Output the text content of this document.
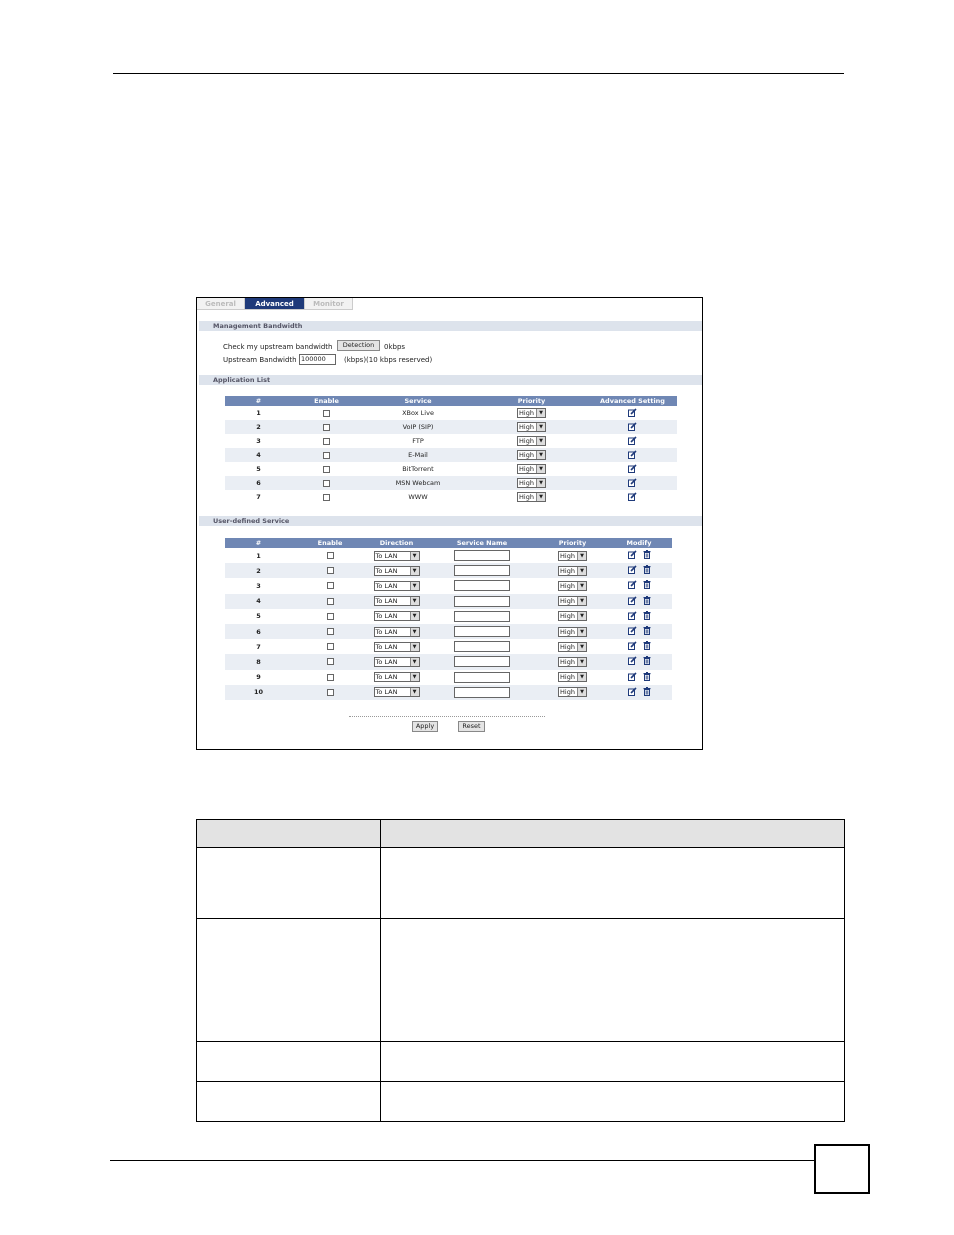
General	Advanced	Monitor
Management Bandwidth
Check my upstream bandwidth	Detection	0kbps
Upstream Bandwidth 100000	(kbps)(10 kbps reserved)
Application List
#	Enable	Service	Priority	Advanced Setting
1		XBox Live	High ▼

2		VoIP (SIP)	High ▼

3		FTP	High ▼

4		E-Mail	High ▼

5		BitTorrent	High ▼

6		MSN Webcam	High ▼

7		WWW	High ▼

User-defined Service
#	Enable	Direction	Service Name	Priority	Modify
1		To LAN ▼		High ▼

2		To LAN ▼		High ▼

3		To LAN ▼		High ▼

4		To LAN ▼		High ▼

5		To LAN ▼		High ▼

6		To LAN ▼		High ▼

7		To LAN ▼		High ▼

8		To LAN ▼		High ▼

9		To LAN ▼		High ▼

10		To LAN ▼		High ▼

Apply	Reset
